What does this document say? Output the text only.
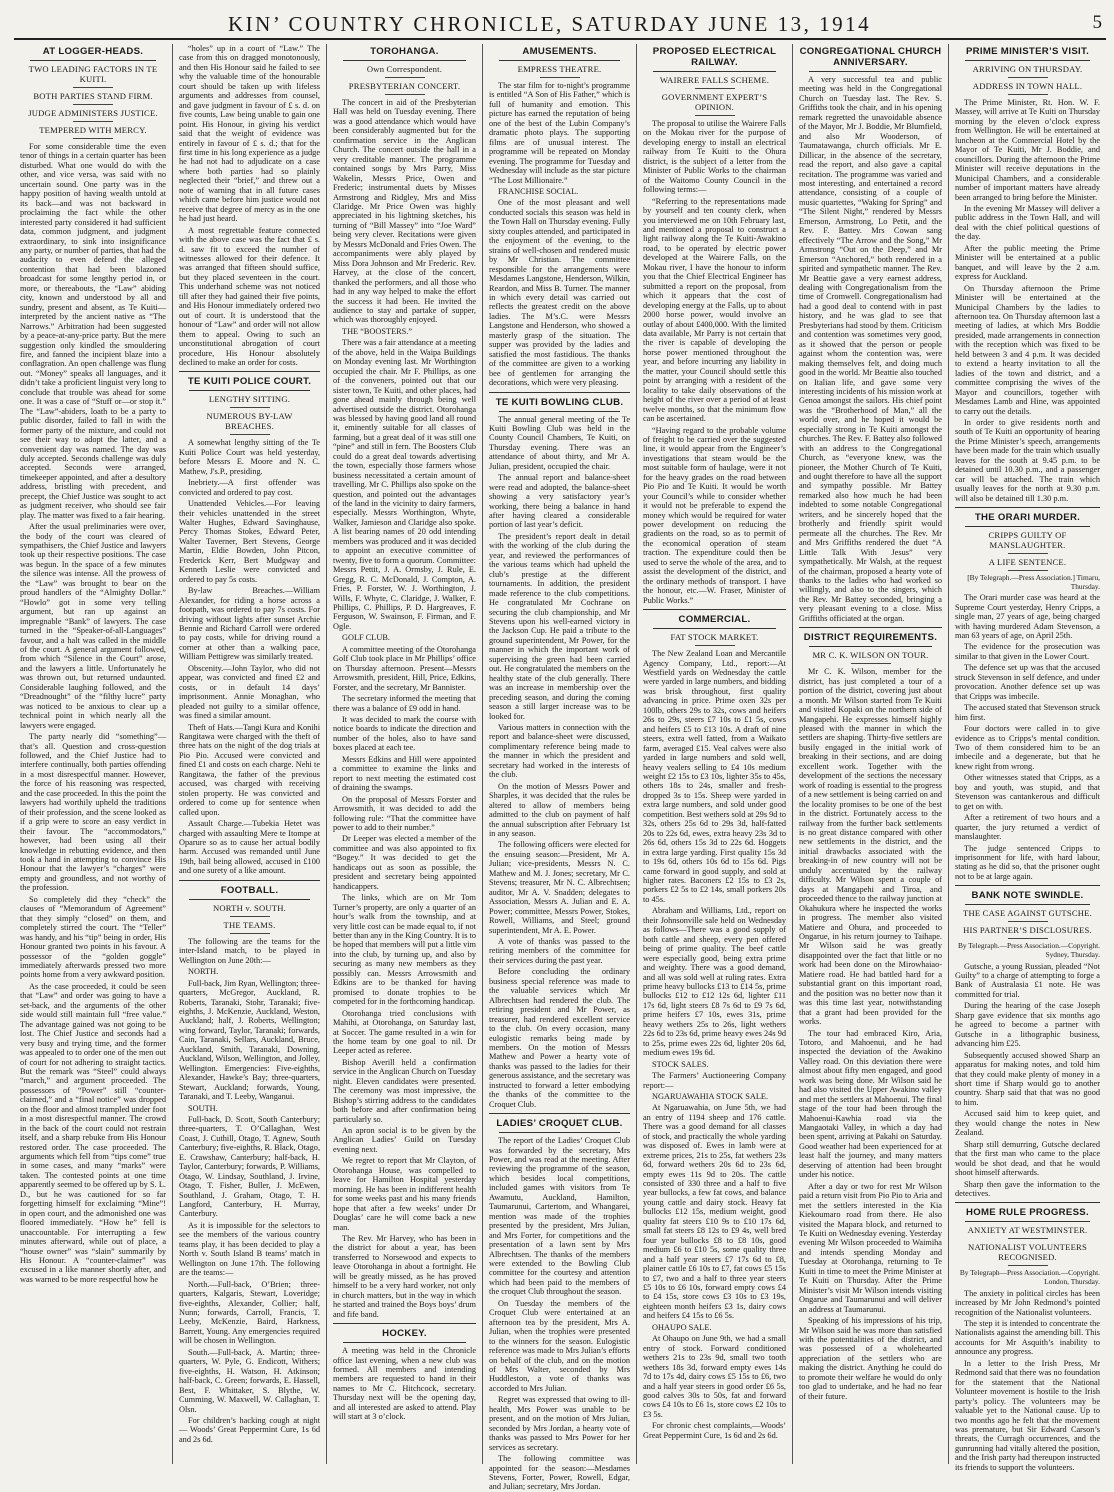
KIN’ COUNTRY CHRONICLE, SATURDAY JUNE 13, 1914	5
AT LOGGER-HEADS.
TWO LEADING FACTORS IN TE KUITI.
BOTH PARTIES STAND FIRM.
JUDGE ADMINISTERS JUSTICE.
TEMPERED WITH MERCY.

For some considerable time the even tenor of things in a certain quarter has been disturbed. What one would do with the other, and vice versa, was said with no uncertain sound. One party was in the happy position of having wealth untold at its back—and was not backward in proclaiming the fact while the other interested party considered it had sufficient data, common judgment, and judgment extraordinary, to sink into insignificance any party, or number of parties, that had the audacity to even defend the alleged contention that had been blazoned broadcast for some lengthy period in, or more, or thereabouts, the “Law” abiding city, known and understood by all and sundry, present and absent, as Te Kuiti—interpreted by the ancient native as “The Narrows.” Arbitration had been suggested by a peace-at-any-price party. But the mere suggestion only kindled the smouldering fire, and fanned the incipient blaze into a conflagration. An open challenge was flung out. “Money” speaks all languages, and it didn’t take a proficient linguist very long to conclude that trouble was ahead for some one. It was a case of “Stuff or—or stop it.” The “Law”-abiders, loath to be a party to public disorder, failed to fall in with the former party of the mixture, and could not see their way to adopt the latter, and a convenient day was named. The day was duly accepted. Seconds challenge was duly accepted. Seconds were arranged, timekeeper appointed, and after a desultory address, bristling with precedent, and precept, the Chief Justice was sought to act as judgment receiver, who should see fair play. The matter was fixed to a fair hearing.

After the usual preliminaries were over, the body of the court was cleared of sympathisers, the Chief Justice and lawyers took up their respective positions. The case was begun. In the space of a few minutes the silence was intense. All the prowess of the “Law” was brought to bear on the proud handlers of the “Almighty Dollar.” “Howlo” got in some very telling argument, but ran up against an impregnable “Bank” of lawyers. The case turned in the “Speaker-of-all-Languages” favour, and a halt was called in the middle of the court. A general argument followed, from which “Silence in the Court” arose, and the lawyers a little. Unfortunately he was thrown out, but returned undaunted. Considerable laughing followed, and the “Dreadnought” of the “filthy lucre” party was noticed to be anxious to clear up a technical point in which nearly all the lawyers were engaged.

The party nearly did “something”—that’s all. Question and cross-question followed, and the Chief Justice had to interfere continually, both parties offending in a most disrespectful manner. However, the force of his reasoning was respected, and the case proceeded. In this the point the lawyers had worthily upheld the traditions of their profession, and the scene looked as if a grip were to score an easy verdict in their favour. The “accommodators,” however, had been using all their knowledge in rebutting evidence, and then took a hand in attempting to convince His Honour that the lawyer’s “charges” were empty and groundless, and not worthy of the profession.

So completely did they “check” the clauses of “Memorandum of Agreement” that they simply “closed” on them, and completely stirred the court. The “Teller” was handy, and his “tip” being in order, His Honour granted two points in his favour. A possessor of the “golden goggle” immediately afterwards pressed two more points home from a very awkward position.

As the case proceeded, it could be seen that “Law” and order was going to have a set-back, and the arguments of the other side would still maintain full “free value.” The advantage gained was not going to be lost. The Chief Justice and seconds had a very busy and trying time, and the former was appealed to to order one of the men out of court for not adhering to straight tactics. But the remark was “Steel” could always “march,” and argument proceeded. The possessors of “Power” still “counter-claimed,” and a “final notice” was dropped on the floor and almost trampled under foot in a most disrespectful manner. The crowd in the back of the court could not restrain itself, and a sharp rebuke from His Honour restored order. The case proceeded. The arguments which fell from “tips come” true in some cases, and many “marks” were taken. The contested points at one time apparently seemed to be offered up by S. L. D., but he was cautioned for so far forgetting himself for exclaiming “Mine”! in open court, and the admonished one was floored immediately. “How he” fell is unaccountable. For interrupting a few minutes afterward, while out of place, a “house owner” was “slain” summarily by His Honour. A “counter-claimer” was excused in a like manner shortly after, and was warned to be more respectful how he

“holes” up in a court of “Law.” The case from this on dragged monotonously, and then His Honour said he failed to see why the valuable time of the honourable court should be taken up with lifeless arguments and addresses from counsel, and gave judgment in favour of £ s. d. on five counts, Law being unable to gain one point. His Honour, in giving his verdict said that the weight of evidence was entirely in favour of £ s. d.; that for the first time in his long experience as a judge he had not had to adjudicate on a case where both parties had so plainly neglected their “brief,” and threw out a note of warning that in all future cases which came before him justice would not receive that degree of mercy as in the one he had just heard.

A most regrettable feature connected with the above case was the fact that £ s. d. saw fit to exceed the number of witnesses allowed for their defence. It was arranged that fifteen should suffice, but they placed seventeen in the court. This underhand scheme was not noticed till after they had gained their five points, and His Honour immediately ordered two out of court. It is understood that the honour of “Law” and order will not allow them to appeal. Owing to such an unconstitutional abrogation of court procedure, His Honour absolutely declined to make an order for costs.

TE KUITI POLICE COURT.
LENGTHY SITTING.
NUMEROUS BY-LAW BREACHES.

A somewhat lengthy sitting of the Te Kuiti Police Court was held yesterday, before Messrs E. Moore and N. C. Mathew, J's.P., presiding.

Inebriety.—A first offender was convicted and ordered to pay cost.

Unattended Vehicles.—For leaving their vehicles unattended in the street Walter Hughes, Edward Savinghause, Percy Thomas Stokes, Edward Peter, Walter Taverner, Bert Stevens, George Martin, Eldie Bowden, John Pitcon, Frederick Kerr, Bert Mudgway and Kenneth Leslie were convicted and ordered to pay 5s costs.

By-law Breaches.—William Alexander, for riding a horse across a footpath, was ordered to pay 7s costs. For driving without lights after sunset Archie Bennie and Richard Carroll were ordered to pay costs, while for driving round a corner at other than a walking pace, William Pettigrew was similarly treated.

Obscenity.—John Taylor, who did not appear, was convicted and fined £2 and costs, or in default 14 days’ imprisonment. Annie Monaghan, who pleaded not guilty to a similar offence, was fined a similar amount.

Theft of Hats.—Tangi Kura and Konihi Rangitawa were charged with the theft of three hats on the night of the dog trials at Pio Pio. Accused were convicted and fined £1 and costs on each charge. Nehi te Rangitawa, the father of the previous accused, was charged with receiving stolen property. He was convicted and ordered to come up for sentence when called upon.

Assault Charge.—Tubekia Hetet was charged with assaulting Mere te Itompe at Oparure so as to cause her actual bodily harm. Accused was remanded until June 19th, bail being allowed, accused in £100 and one surety of a like amount.

FOOTBALL.
NORTH v. SOUTH.
THE TEAMS.

The following are the teams for the inter-Island match, to be played in Wellington on June 20th:—

NORTH.

Full-back, Jim Ryan, Wellington; three-quarters, McGregor, Auckland, R. Roberts, Taranaki, Stohr, Taranaki; five-eighths, J. McKenzie, Auckland, Weston, Auckland; half, J. Roberts, Wellington; wing forward, Taylor, Taranaki; forwards, Cain, Taranaki, Sellars, Auckland, Bruce, Auckland, Smith, Taranaki, Downing, Auckland, Wilson, Wellington, and Jolley, Wellington. Emergencies: Five-eighths, Alexander, Hawke’s Bay; three-quarters, Stewart, Auckland; forwards, Young, Taranaki, and T. Leeby, Wanganui.

SOUTH.

Full-back, D. Scott, South Canterbury; three-quarters, T. O’Callaghan, West Coast, J. Cuthill, Otago, T. Agnew, South Canterbury; five-eighths, R. Black, Otago, E. Crawshaw, Canterbury; half-back, H. Taylor, Canterbury; forwards, P. Williams, Otago, W. Lindsay, Southland, J. Irvine, Otago, T. Fisher, Buller, J. McEwen, Southland, J. Graham, Otago, T. H. Langford, Canterbury, H. Murray, Canterbury.

As it is impossible for the selectors to see the members of the various country teams play, it has been decided to play a North v. South Island B teams’ match in Wellington on June 17th. The following are the teams:—

North.—Full-back, O’Brien; three-quarters, Kalgaris, Stewart, Loveridge; five-eighths, Alexander, Collier; half, Nunn; forwards, Carroll, Francis, T. Leeby, McKenzie, Baird, Harkness, Barrett, Young. Any emergencies required will be chosen in Wellington.

South.—Full-back, A. Martin; three-quarters, W. Pyle, G. Endicott, Withers; five-eighths, H. Watson, H. Atkinson; half-back, C. Green; forwards, E. Hassell, Best, F. Whittaker, S. Blythe, W. Cumming, W. Maxwell, W. Callaghan, T. Olsn.

For children’s hacking cough at night — Woods’ Great Peppermint Cure, 1s 6d and 2s 6d.

TOROHANGA.
Own Correspondent.
PRESBYTERIAN CONCERT.

The concert in aid of the Presbyterian Hall was held on Tuesday evening. There was a good attendance which would have been considerably augmented but for the confirmation service in the Anglican Church. The concert outside the hall in a very creditable manner. The programme contained songs by Mrs Parry, Miss Wakelin, Messrs Price, Owen and Frederic; instrumental duets by Misses Armstrong and Ridgley, Mrs and Miss Claridge. Mr Price Owen was highly appreciated in his lightning sketches, his turning of “Bill Massey” into “Joe Ward” being very clever. Recitations were given by Messrs McDonald and Fries Owen. The accompaniments were ably played by Miss Dora Johnson and Mr Frederic. Rev. Harvey, at the close of the concert, thanked the performers, and all those who had in any way helped to make the effort the success it had been. He invited the audience to stay and partake of supper, which was thoroughly enjoyed.

THE “BOOSTERS.”

There was a fair attendance at a meeting of the above, held in the Waipa Buildings on Monday evening last. Mr Worthington occupied the chair. Mr F. Phillips, as one of the conveners, pointed out that our sister town, Te Kuiti, and other places, had gone ahead mainly through being well advertised outside the district. Otorohanga was blessed by having good land all round it, eminently suitable for all classes of farming, but a great deal of it was still one “pine” and still in fern. The Boosters Club could do a great deal towards advertising the town, especially those farmers whose business necessitated a certain amount of travelling. Mr C. Phillips also spoke on the question, and pointed out the advantages of the land in the vicinity to dairy farmers, especially. Messrs Worthington, Whyte, Walker, Jamieson and Claridge also spoke. A list bearing names of 20 odd intending members was produced and it was decided to appoint an executive committee of twenty, five to form a quorum. Committee: Messrs Pettit, J. A. Ormsby, J. Rule, E. Gregg, R. C. McDonald, J. Compton, A. Fries, P. Forster, W. J. Worthington, J. Wills, F. Whyte, C. Claridge, J. Walker, F. Phillips, C. Phillips, P. D. Hargreaves, F. Ferguson, W. Swainson, F. Firman, and F. Ogle.

GOLF CLUB.

A committee meeting of the Otorohanga Golf Club took place in Mr Phillips’ office on Thursday afternoon. Present—Messrs Arrowsmith, president, Hill, Price, Edkins, Forster, and the secretary, Mr Bannister.

The secretary informed the meeting that there was a balance of £9 odd in hand.

It was decided to mark the course with notice boards to indicate the direction and number of the holes, also to have sand boxes placed at each tee.

Messrs Edkins and Hill were appointed a committee to examine the links and report to next meeting the estimated cost of draining the swamps.

On the proposal of Messrs Forster and Arrowsmith, it was decided to add the following rule: “That the committee have power to add to their number.”

Dr Leeper was elected a member of the committee and was also appointed to fix “Bogey.” It was decided to get the handicaps out as soon as possible, the president and secretary being appointed handicappers.

The links, which are on Mr Tom Turner’s property, are only a quarter of an hour’s walk from the township, and at very little cost can be made equal to, if not better than any in the King Country. It is to be hoped that members will put a little vim into the club, by turning up, and also by securing as many new members as they possibly can. Messrs Arrowsmith and Edkins are to be thanked for having promised to donate trophies to be competed for in the forthcoming handicap.

Otorohanga tried conclusions with Mahihi, at Otorohanga, on Saturday last, at Soccer. The game resulted in a win for the home team by one goal to nil. Dr Leeper acted as referee.

Bishop Averill held a confirmation service in the Anglican Church on Tuesday night. Eleven candidates were presented. The ceremony was most impressive, the Bishop’s stirring address to the candidates both before and after confirmation being particularly so.

An apron social is to be given by the Anglican Ladies’ Guild on Tuesday evening next.

We regret to report that Mr Clayton, of Otorohanga House, was compelled to leave for Hamilton Hospital yesterday morning. He has been in indifferent health for some weeks past and his many friends hope that after a few weeks’ under Dr Douglas’ care he will come back a new man.

The Rev. Mr Harvey, who has been in the district for about a year, has been transferred to Norsewood and expects to leave Otorohanga in about a fortnight. He will be greatly missed, as he has proved himself to be a very hard worker, not only in church matters, but in the way in which he started and trained the Boys boys’ drum and fife band.

HOCKEY.

A meeting was held in the Chronicle office last evening, when a new club was formed. All members and intending members are requested to hand in their names to Mr C. Hitchcock, secretary. Thursday next will be the opening day, and all interested are asked to attend. Play will start at 3 o’clock.

AMUSEMENTS.
EMPRESS THEATRE.

The star film for to-night’s programme is entitled “A Son of His Father,” which is full of humanity and emotion. This picture has earned the reputation of being one of the best of the Lubin Company’s dramatic photo plays. The supporting films are of unusual interest. The programme will be repeated on Monday evening. The programme for Tuesday and Wednesday will include as the star picture “The Lost Millionaire.”

FRANCHISE SOCIAL.

One of the most pleasant and well conducted socials this season was held in the Town Hall on Thursday evening. Fully sixty couples attended, and participated in the enjoyment of the evening, to the strains of well-chosen and rendered music by Mr Christian. The committee responsible for the arrangements were Mesdames Langstone, Henderson, Wilkin, Reardon, and Miss B. Turner. The manner in which every detail was carried out reflects the greatest credit on the above ladies. The M’s.C. were Messrs Langstone and Henderson, who showed a masterly grasp of the situation. The supper was provided by the ladies and satisfied the most fastidious. The thanks of the committee are given to a working bee of gentlemen for arranging the decorations, which were very pleasing.

TE KUITI BOWLING CLUB.

The annual general meeting of the Te Kuiti Bowling Club was held in the County Council Chambers, Te Kuiti, on Thursday evening. There was an attendance of about thirty, and Mr A. Julian, president, occupied the chair.

The annual report and balance-sheet were read and adopted, the balance-sheet showing a very satisfactory year’s working, there being a balance in hand after having cleared a considerable portion of last year’s deficit.

The president’s report dealt in detail with the working of the club during the year, and reviewed the performances of the various teams which had upheld the club’s prestige at the different tournaments. In addition, the president made reference to the club competitions. He congratulated Mr Cochrane on securing the club championship, and Mr Stevens upon his well-earned victory in the Jackson Cup. He paid a tribute to the ground superintendent, Mr Power, for the manner in which the important work of supervising the green had been carried out. He congratulated the members on the healthy state of the club generally. There was an increase in membership over the preceding season, and during the coming season a still larger increase was to be looked for.

Various matters in connection with the report and balance-sheet were discussed, complimentary reference being made to the manner in which the president and secretary had worked in the interests of the club.

On the motion of Messrs Power and Sharples, it was decided that the rules be altered to allow of members being admitted to the club on payment of half the annual subscription after February 1st in any season.

The following officers were elected for the ensuing season:—President, Mr A. Julian; vice-presidents, Messrs N. C. Mathew and M. J. Jones; secretary, Mr C. Stevens; treasurer, Mr N. C. Albrechtsen; auditor, Mr A. V. Snadden; delegates to Association, Messrs A. Julian and E. A. Power; committee, Messrs Power, Stokes, Rowell, Williams, and Steel; ground superintendent, Mr A. E. Power.

A vote of thanks was passed to the retiring members of the committee for their services during the past year.

Before concluding the ordinary business special reference was made to the valuable services which Mr Albrechtsen had rendered the club. The retiring president and Mr Power, as treasurer, had rendered excellent service to the club. On every occasion, many eulogistic remarks being made by members. On the motion of Messrs Mathew and Power a hearty vote of thanks was passed to the ladies for their generous assistance, and the secretary was instructed to forward a letter embodying the thanks of the committee to the Croquet Club.

LADIES’ CROQUET CLUB.

The report of the Ladies’ Croquet Club was forwarded by the secretary, Mrs Power, and was read at the meeting. After reviewing the programme of the season, which besides local competitions, included games with visitors from Te Awamutu, Auckland, Hamilton, Taumarunui, Cartertom, and Whangarei, mention was made of the trophies presented by the president, Mrs Julian, and Mrs Forter, for competitions and the presentation of a lawn sent by Mrs Albrechtsen. The thanks of the members were extended to the Bowling Club committee for the courtesy and attention which had been paid to the members of the croquet Club throughout the season.

On Tuesday the members of the Croquet Club were entertained at an afternoon tea by the president, Mrs A. Julian, when the trophies were presented to the winners for the season. Eulogistic reference was made to Mrs Julian’s efforts on behalf of the club, and on the motion of Mrs Walter, seconded by Mrs Huddleston, a vote of thanks was accorded to Mrs Julian.

Regret was expressed that owing to ill-health, Mrs Power was unable to be present, and on the motion of Mrs Julian, seconded by Mrs Jordan, a hearty vote of thanks was passed to Mrs Power for her services as secretary.

The following committee was appointed for the season:—Mesdames Stevens, Forter, Power, Rowell, Edgar, and Julian; secretary, Mrs Jordan.

PROPOSED ELECTRICAL RAILWAY.
WAIRERE FALLS SCHEME.
GOVERNMENT EXPERT’S OPINION.

The proposal to utilise the Wairere Falls on the Mokau river for the purpose of developing energy to install an electrical railway from Te Kuiti to the Ohura district, is the subject of a letter from the Minister of Public Works to the chairman of the Waitomo County Council in the following terms:—

“Referring to the representations made by yourself and ten county clerk, when you interviewed me on 10th February last, and mentioned a proposal to construct a light railway along the Te Kuiti-Awakino road, to be operated by electric power developed at the Wairere Falls, on the Mokau river, I have the honour to inform you that the Chief Electrical Engineer has submitted a report on the proposal, from which it appears that the cost of developing energy at the Falls, up to about 2000 horse power, would involve an outlay of about £400,000. With the limited data available, Mr Parry is not certain that the river is capable of developing the horse power mentioned throughout the year, and before incurring any liability in the matter, your Council should settle this point by arranging with a resident of the locality to take daily observations of the height of the river over a period of at least twelve months, so that the minimum flow can be ascertained.

“Having regard to the probable volume of freight to be carried over the suggested line, it would appear from the Engineer’s investigations that steam would be the most suitable form of haulage, were it not for the heavy grades on the road between Pio Pio and Te Kuiti. It would be worth your Council’s while to consider whether it would not be preferable to expend the money which would be required for water power development on reducing the gradients on the road, so as to permit of the economical operation of steam traction. The expenditure could then be used to serve the whole of the area, and to assist the development of the district, and the ordinary methods of transport. I have the honour, etc.—W. Fraser, Minister of Public Works.”

COMMERCIAL.
FAT STOCK MARKET.

The New Zealand Loan and Mercantile Agency Company, Ltd., report:—At Westfield yards on Wednesday the cattle were yarded in large numbers, and bidding was brisk throughout, first quality advancing in price. Prime oxen 32s per 100lb, others 29s to 32s, cows and heifers 26s to 29s, steers £7 10s to £1 5s, cows and heifers £5 to £13 10s. A draft of nine steers, extra well fatted, from a Waikato farm, averaged £15. Veal calves were also yarded in large numbers and sold well, heavy vealers selling to £4 10s medium weight £2 15s to £3 10s, lighter 35s to 45s, others 18s to 24s, smaller and fresh-dropped 3s to 15s. Sheep were yarded in extra large numbers, and sold under good competition. Best wethers sold at 29s 9d to 32s, others 25s 6d to 29s 3d, half-fatted 20s to 22s 6d, ewes, extra heavy 23s 3d to 26s 6d, others 15s 3d to 22s 6d. Hoggets in extra large yarding. First quality 15s 3d to 19s 6d, others 10s 6d to 15s 6d. Pigs came forward in good supply, and sold at higher rates. Baconers £2 15s to £3 2s, porkers £2 5s to £2 14s, small porkers 20s to 45s.

Abraham and Williams, Ltd., report on their Johnsonville sale held on Wednesday as follows—There was a good supply of both cattle and sheep, every pen offered being of prime quality. The beef cattle were especially good, being extra prime and weighty. There was a good demand, and all was sold well at ruling rates. Extra prime heavy bullocks £13 to £14 5s, prime bullocks £12 to £12 12s 6d, lighter £11 17s 6d, light steers £8 7s 6d to £9 7s 6d, prime heifers £7 10s, ewes 31s, prime heavy wethers 25s to 26s, light wethers 22s 6d to 23s 6d, prime heavy ewes 24s 9d to 25s, prime ewes 22s 6d, lighter 20s 6d, medium ewes 19s 6d.

STOCK SALES.

The Farmers’ Auctioneering Company report:—

NGARUAWAHIA STOCK SALE.

At Ngaruawahia, on June 5th, we had an entry of 1194 sheep and 176 cattle. There was a good demand for all classes of stock, and practically the whole yarding was disposed of. Ewes in lamb were at extreme prices, 21s to 25s, fat wethers 23s 6d, forward wethers 20s 6d to 23s 6d, empty ewes 11s 9d to 20s. The cattle consisted of 330 three and a half to five year bullocks, a few fat cows, and balance young cattle and dairy stock. Heavy fat bullocks £12 15s, medium weight, good quality fat steers £10 9s to £10 17s 6d, small fat steers £8 12s to £9 4s, well bred four year bullocks £8 to £8 10s, good medium £6 to £10 5s, some quality three and a half year steers £7 17s 6d to £8, plainer cattle £6 10s to £7, fat cows £5 15s to £7, two and a half to three year steers £5 10s to £6 10s, forward empty cows £4 to £4 15s, store cows £3 10s to £3 19s, eighteen month heifers £3 1s, dairy cows and heifers £4 15s to £6 5s.

OHAUPO SALE.

At Ohaupo on June 9th, we had a small entry of stock. Forward conditioned wethers 21s to 23s 9d, small two tooth wethers 18s 3d, forward empty ewes 14s 7d to 17s 4d, dairy cows £5 15s to £6, two and a half year steers in good order £6 5s, good calves 30s to 50s, fat and forward cows £4 10s to £6 1s, store cows £2 10s to £3 5s.

For chronic chest complaints,—Woods’ Great Peppermint Cure, 1s 6d and 2s 6d.

CONGREGATIONAL CHURCH ANNIVERSARY.

A very successful tea and public meeting was held in the Congregational Church on Tuesday last. The Rev. S. Griffiths took the chair, and in his opening remark regretted the unavoidable absence of the Mayor, Mr J. Boddie, Mr Blumfield, and also Mr Wooderson, of Taumatawanga, church officials. Mr E. Dillicar, in the absence of the secretary, read the report, and also gave a capital recitation. The programme was varied and most interesting, and entertained a record attendance, consisting of a couple of music quartettes, “Waking for Spring” and “The Silent Night,” rendered by Messrs Emerson, Armstrong, Lo Petit, and the Rev. F. Battey. Mrs Cowan sang effectively “The Arrow and the Song,” Mr Armstrong “Out on the Deep,” and Mr Emerson “Anchored,” both rendered in a spirited and sympathetic manner. The Rev. Mr Beattie gave a very earnest address, dealing with Congregationalism from the time of Cromwell. Congregationalism had had a good deal to contend with in past history, and he was glad to see that Presbyterians had stood by them. Criticism and contention was sometimes very good, as it showed that the person or people against whom the contention was, were making themselves felt, and doing much good in the world. Mr Beattie also touched on Italian life, and gave some very interesting incidents of his mission work at Genoa amongst the sailors. His chief point was the “Brotherhood of Man,” all the world over, and he hoped it would be especially strong in Te Kuiti amongst the churches. The Rev. F. Battey also followed with an address to the Congregational Church, as “everyone knew, was the pioneer, the Mother Church of Te Kuiti, and ought therefore to have all the support and sympathy possible. Mr Battey remarked also how much he had been indebted to some notable Congregational writers, and he sincerely hoped that the brotherly and friendly spirit would permeate all the churches. The Rev. Mr and Mrs Griffiths rendered the duet “A Little Talk With Jesus” very sympathetically. Mr Walsh, at the request of the chairman, proposed a hearty vote of thanks to the ladies who had worked so willingly, and also to the singers, which the Rev. Mr Battey seconded, bringing a very pleasant evening to a close. Miss Griffiths officiated at the organ.

DISTRICT REQUIREMENTS.
MR C. K. WILSON ON TOUR.

Mr C. K. Wilson, member for the district, has just completed a tour of a portion of the district, covering just about a month. Mr Wilson started from Te Kuiti and visited Kopaki on the northern side of Mangapehi. He expresses himself highly pleased with the manner in which the settlers are shaping. Thirty-five settlers are busily engaged in the initial work of breaking in their sections, and are doing excellent work. Together with the development of the sections the necessary work of roading is essential to the progress of a new settlement is being carried on and the locality promises to be one of the best in the district. Fortunately access to the railway from the further back settlements is no great distance compared with other new settlements in the district, and the initial drawbacks associated with the breaking-in of new country will not be unduly accentuated by the railway difficulty. Mr Wilson spent a couple of days at Mangapehi and Tiroa, and proceeded thence to the railway junction at Okahukura where he inspected the works in progress. The member also visited Matiere and Ohura, and proceeded to Ongarue, in his return journey to Taihape. Mr Wilson said he was greatly disappointed over the fact that little or no work had been done on the Mirowhaiao-Matiere road. He had battled hard for a substantial grant on this important road, and the position was no better now than it was this time last year, notwithstanding that a grant had been provided for the works.

The tour had embraced Kiro, Aria, Totoro, and Mahoenui, and he had inspected the deviation of the Awakino Valley road. On this deviation there were almost about fifty men engaged, and good work was being done. Mr Wilson said he had also visited the Upper Awakino valley and met the settlers at Mahoenui. The final stage of the tour had been through the Mahoenui-Kawhia road via the Mangaotaki Valley, in which a day had been spent, arriving at Pakahi on Saturday. Good weather had been experienced for at least half the journey, and many matters deserving of attention had been brought under his notice.

After a day or two for rest Mr Wilson paid a return visit from Pio Pio to Aria and met the settlers interested in the Kia Kiekoumaro road from there. He also visited the Mapara block, and returned to Te Kuiti on Wednesday evening. Yesterday evening Mr Wilson proceeded to Waimiha and intends spending Monday and Tuesday at Otorohanga, returning to Te Kuiti in time to meet the Prime Minister at Te Kuiti on Thursday. After the Prime Minister’s visit Mr Wilson intends visiting Ongarue and Taumarunui and will deliver an address at Taumarunui.

Speaking of his impressions of his trip, Mr Wilson said he was more than satisfied with the potentialities of the district, and was possessed of a wholehearted appreciation of the settlers who are making the district. Anything he could do to promote their welfare he would do only too glad to undertake, and he had no fear of their future.

PRIME MINISTER’S VISIT.
ARRIVING ON THURSDAY.
ADDRESS IN TOWN HALL.

The Prime Minister, Rt. Hon. W. F. Massey, will arrive at Te Kuiti on Thursday morning by the eleven o’clock express from Wellington. He will be entertained at luncheon at the Commercial Hotel by the Mayor of Te Kuiti, Mr J. Boddie, and councillors. During the afternoon the Prime Minister will receive deputations in the Municipal Chambers, and a considerable number of important matters have already been arranged to bring before the Minister.

In the evening Mr Massey will deliver a public address in the Town Hall, and will deal with the chief political questions of the day.

After the public meeting the Prime Minister will be entertained at a public banquet, and will leave by the 2 a.m. express for Auckland.

On Thursday afternoon the Prime Minister will be entertained at the Municipal Chambers by the ladies to afternoon tea. On Thursday afternoon last a meeting of ladies, at which Mrs Boddie presided, made arrangements in connection with the reception which was fixed to be held between 3 and 4 p.m. It was decided to extend a hearty invitation to all the ladies of the town and district, and a committee comprising the wives of the Mayor and councillors, together with Mesdames Lamb and Hine, was appointed to carry out the details.

In order to give residents north and south of Te Kuiti an opportunity of hearing the Prime Minister’s speech, arrangements have been made for the train which usually leaves for the south at 9.45 p.m. to be detained until 10.30 p.m., and a passenger car will be attached. The train which usually leaves for the north at 9.30 p.m. will also be detained till 1.30 p.m.

THE ORARI MURDER.
CRIPPS GUILTY OF MANSLAUGHTER.
A LIFE SENTENCE.
[By Telegraph.—Press Association.] Timaru, Thursday.

The Orari murder case was heard at the Supreme Court yesterday, Henry Cripps, a single man, 27 years of age, being charged with having murdered Adam Stevenson, a man 63 years of age, on April 25th.

The evidence for the prosecution was similar to that given in the Lower Court.

The defence set up was that the accused struck Stevenson in self defence, and under provocation. Another defence set up was that Cripps was imbecile.

The accused stated that Stevenson struck him first.

Four doctors were called in to give evidence as to Cripps’s mental condition. Two of them considered him to be an imbecile and a degenerate, but that he knew right from wrong.

Other witnesses stated that Cripps, as a boy and youth, was stupid, and that Stevenson was cantankerous and difficult to get on with.

After a retirement of two hours and a quarter, the jury returned a verdict of manslaughter.

The judge sentenced Cripps to imprisonment for life, with hard labour, stating as he did so, that the prisoner ought not to be at large again.

BANK NOTE SWINDLE.
THE CASE AGAINST GUTSCHE.
HIS PARTNER’S DISCLOSURES.
By Telegraph.—Press Association.—Copyright. Sydney, Thursday.

Gutsche, a young Russian, pleaded “Not Guilty” to a charge of attempting to forge a Bank of Australasia £1 note. He was committed for trial.

During the hearing of the case Joseph Sharp gave evidence that six months ago he agreed to become a partner with Gutsche in a lithographic business, advancing him £25.

Subsequently accused showed Sharp an apparatus for making notes, and told him that they could make plenty of money in a short time if Sharp would go to another country. Sharp said that that was no good to him.

Accused said him to keep quiet, and they would change the notes in New Zealand.

Sharp still demurring, Gutsche declared that the first man who came to the place would be shot dead, and that he would shoot himself afterwards.

Sharp then gave the information to the detectives.

HOME RULE PROGRESS.
ANXIETY AT WESTMINSTER.
NATIONALIST VOLUNTEERS RECOGNISED.
By Telegraph—Press Association.—Copyright. London, Thursday.

The anxiety in political circles has been increased by Mr John Redmond’s pointed recognition of the Nationalist volunteers.

The step it is intended to concentrate the Nationalists against the amending bill. This accounts for Mr Asquith’s inability to announce any progress.

In a letter to the Irish Press, Mr Redmond said that there was no foundation for the statement that the National Volunteer movement is hostile to the Irish party’s policy. The volunteers may be valuable yet to the National cause. Up to two months ago he felt that the movement was premature, but Sir Edward Carson’s threats, the Curragh occurrences, and the gunrunning had vitally altered the position, and the Irish party had thereupon instructed its friends to support the volunteers.
